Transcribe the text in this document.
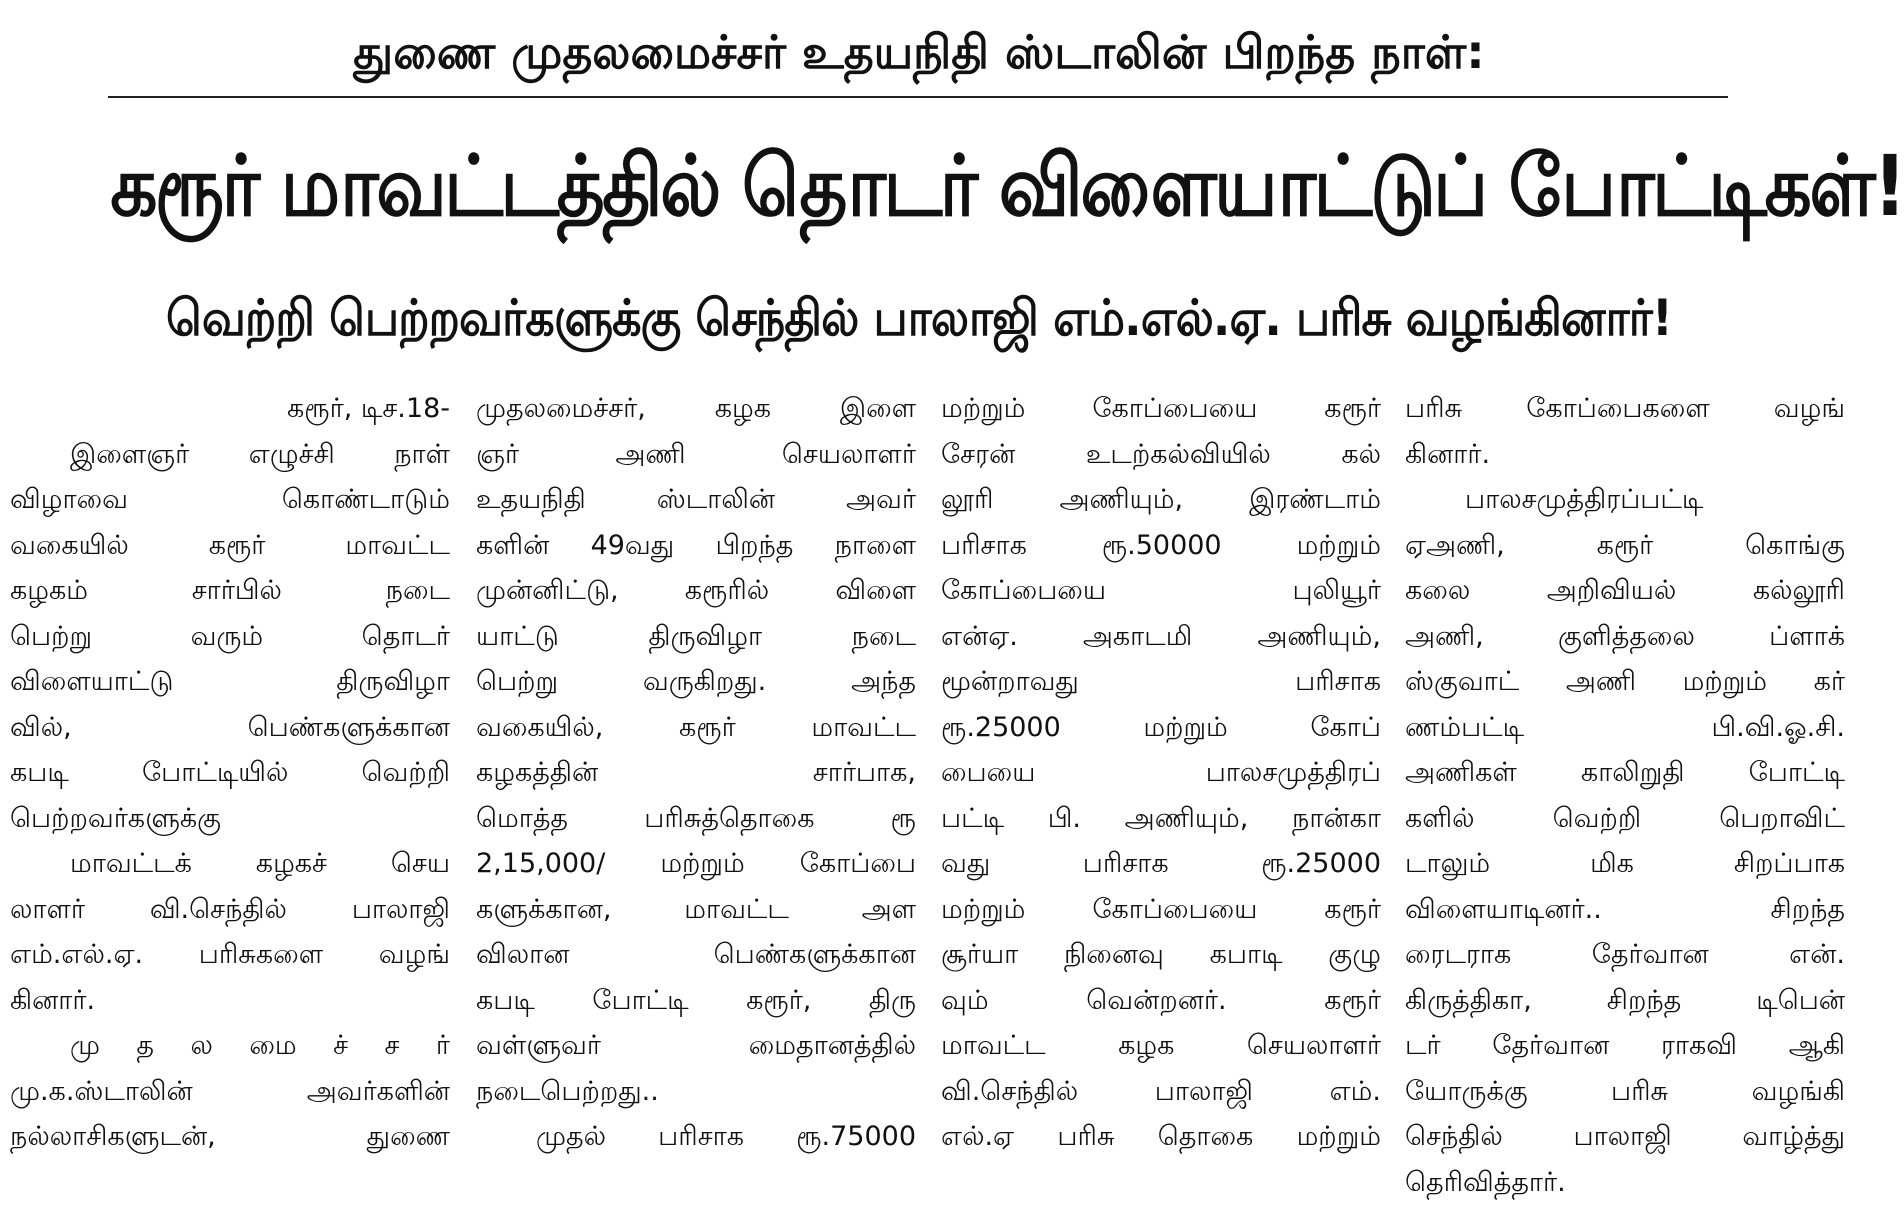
துணை முதலமைச்சர் உதயநிதி ஸ்டாலின் பிறந்த நாள்:
கரூர் மாவட்டத்தில் தொடர் விளையாட்டுப் போட்டிகள்!
வெற்றி பெற்றவர்களுக்கு செந்தில் பாலாஜி எம்.எல்.ஏ. பரிசு வழங்கினார்!
கரூர், டிச.18-
இளைஞர் எழுச்சி நாள்
விழாவை கொண்டாடும்
வகையில் கரூர் மாவட்ட
கழகம் சார்பில் நடை
பெற்று வரும் தொடர்
விளையாட்டு திருவிழா
வில், பெண்களுக்கான
கபடி போட்டியில் வெற்றி
பெற்றவர்களுக்கு
மாவட்டக் கழகச் செய
லாளர் வி.செந்தில் பாலாஜி
எம்.எல்.ஏ. பரிசுகளை வழங்
கினார்.
மு த ல மை ச் ச ர்
மு.க.ஸ்டாலின் அவர்களின்
நல்லாசிகளுடன், துணை
முதலமைச்சர், கழக இளை
ஞர் அணி செயலாளர்
உதயநிதி ஸ்டாலின் அவர்
களின் 49வது பிறந்த நாளை
முன்னிட்டு, கரூரில் விளை
யாட்டு திருவிழா நடை
பெற்று வருகிறது. அந்த
வகையில், கரூர் மாவட்ட
கழகத்தின் சார்பாக,
மொத்த பரிசுத்தொகை ரூ
2,15,000/ மற்றும் கோப்பை
களுக்கான, மாவட்ட அள
விலான பெண்களுக்கான
கபடி போட்டி கரூர், திரு
வள்ளுவர் மைதானத்தில்
நடைபெற்றது..
முதல் பரிசாக ரூ.75000
மற்றும் கோப்பையை கரூர்
சேரன் உடற்கல்வியில் கல்
லூரி அணியும், இரண்டாம்
பரிசாக ரூ.50000 மற்றும்
கோப்பையை புலியூர்
என்ஏ. அகாடமி அணியும்,
மூன்றாவது பரிசாக
ரூ.25000 மற்றும் கோப்
பையை பாலசமுத்திரப்
பட்டி பி. அணியும், நான்கா
வது பரிசாக ரூ.25000
மற்றும் கோப்பையை கரூர்
சூர்யா நினைவு கபாடி குழு
வும் வென்றனர். கரூர்
மாவட்ட கழக செயலாளர்
வி.செந்தில் பாலாஜி எம்.
எல்.ஏ பரிசு தொகை மற்றும்
பரிசு கோப்பைகளை வழங்
கினார்.
பாலசமுத்திரப்பட்டி
ஏஅணி, கரூர் கொங்கு
கலை அறிவியல் கல்லூரி
அணி, குளித்தலை ப்ளாக்
ஸ்குவாட் அணி மற்றும் கர்
ணம்பட்டி பி.வி.ஓ.சி.
அணிகள் காலிறுதி போட்டி
களில் வெற்றி பெறாவிட்
டாலும் மிக சிறப்பாக
விளையாடினர்.. சிறந்த
ரைடராக தேர்வான என்.
கிருத்திகா, சிறந்த டிபென்
டர் தேர்வான ராகவி ஆகி
யோருக்கு பரிசு வழங்கி
செந்தில் பாலாஜி வாழ்த்து
தெரிவித்தார்.
